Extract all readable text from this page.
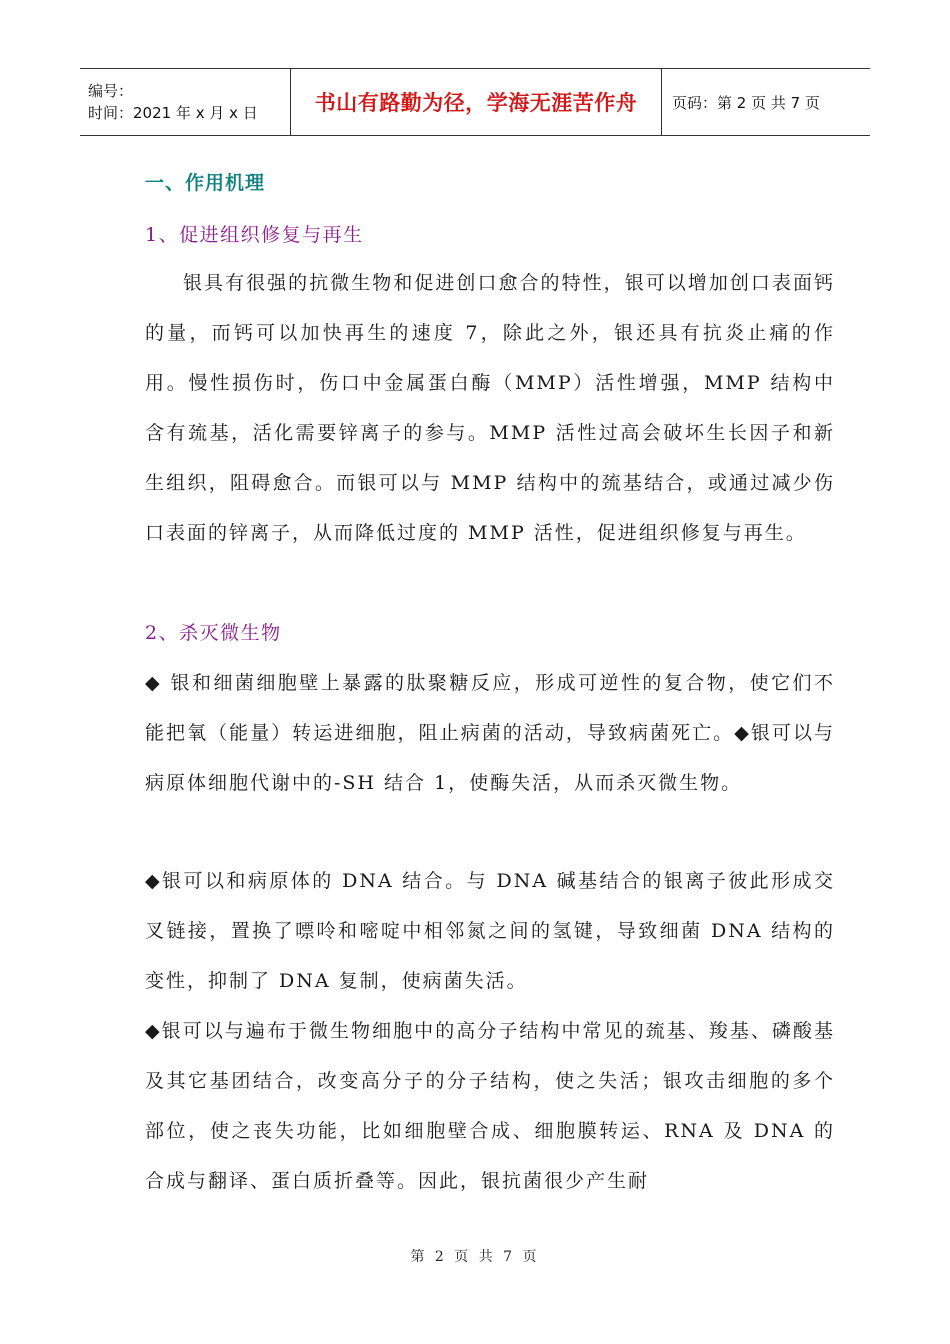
编号：
时间：2021 年 x 月 x 日	书山有路勤为径，学海无涯苦作舟 页码：第 2 页 共 7 页
一、作用机理
1、促进组织修复与再生

银具有很强的抗微生物和促进创口愈合的特性，银可以增加创口表面钙的量，而钙可以加快再生的速度 7，除此之外，银还具有抗炎止痛的作用。慢性损伤时，伤口中金属蛋白酶（MMP）活性增强，MMP 结构中含有巯基，活化需要锌离子的参与。MMP 活性过高会破坏生长因子和新生组织，阻碍愈合。而银可以与 MMP 结构中的巯基结合，或通过减少伤口表面的锌离子，从而降低过度的 MMP 活性，促进组织修复与再生。

2、杀灭微生物

◆ 银和细菌细胞壁上暴露的肽聚糖反应，形成可逆性的复合物，使它们不能把氧（能量）转运进细胞，阻止病菌的活动，导致病菌死亡。◆银可以与病原体细胞代谢中的-SH 结合 1，使酶失活，从而杀灭微生物。

◆银可以和病原体的 DNA 结合。与 DNA 碱基结合的银离子彼此形成交叉链接，置换了嘌呤和嘧啶中相邻氮之间的氢键，导致细菌 DNA 结构的变性，抑制了 DNA 复制，使病菌失活。

◆银可以与遍布于微生物细胞中的高分子结构中常见的巯基、羧基、磷酸基及其它基团结合，改变高分子的分子结构，使之失活；银攻击细胞的多个部位，使之丧失功能，比如细胞壁合成、细胞膜转运、RNA 及 DNA 的合成与翻译、蛋白质折叠等。因此，银抗菌很少产生耐

第 2 页 共 7 页
